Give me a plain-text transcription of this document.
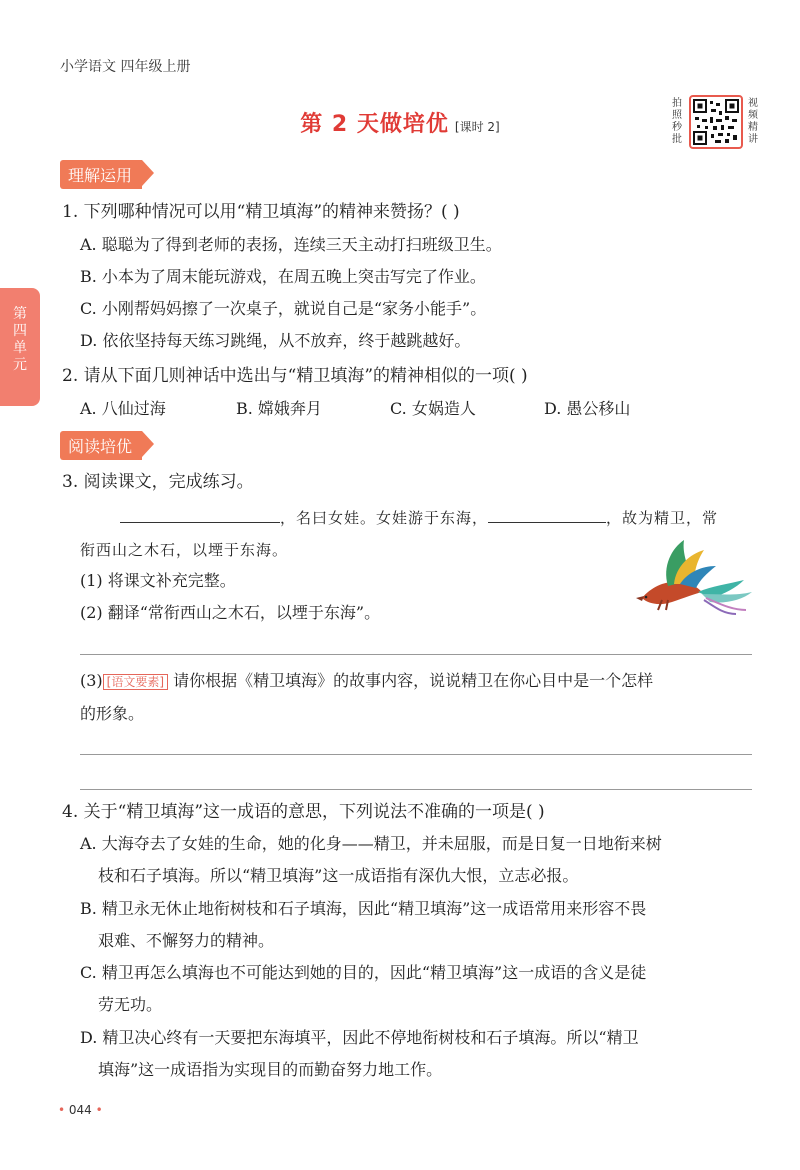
小学语文 四年级上册
第 2 天做培优 [课时 2]
拍照秒批
视频精讲
第四单元
理解运用
1. 下列哪种情况可以用“精卫填海”的精神来赞扬？( )
A. 聪聪为了得到老师的表扬，连续三天主动打扫班级卫生。
B. 小本为了周末能玩游戏，在周五晚上突击写完了作业。
C. 小刚帮妈妈擦了一次桌子，就说自己是“家务小能手”。
D. 依依坚持每天练习跳绳，从不放弃，终于越跳越好。
2. 请从下面几则神话中选出与“精卫填海”的精神相似的一项( )
A. 八仙过海	B. 嫦娥奔月	C. 女娲造人	D. 愚公移山
阅读培优
3. 阅读课文，完成练习。
，名曰女娃。女娃游于东海，	，故为精卫，常
衔西山之木石，以堙于东海。
(1) 将课文补充完整。
(2) 翻译“常衔西山之木石，以堙于东海”。
(3) [语文要素] 请你根据《精卫填海》的故事内容，说说精卫在你心目中是一个怎样
的形象。
4. 关于“精卫填海”这一成语的意思，下列说法不准确的一项是( )
A. 大海夺去了女娃的生命，她的化身——精卫，并未屈服，而是日复一日地衔来树
枝和石子填海。所以“精卫填海”这一成语指有深仇大恨，立志必报。
B. 精卫永无休止地衔树枝和石子填海，因此“精卫填海”这一成语常用来形容不畏
艰难、不懈努力的精神。
C. 精卫再怎么填海也不可能达到她的目的，因此“精卫填海”这一成语的含义是徒
劳无功。
D. 精卫决心终有一天要把东海填平，因此不停地衔树枝和石子填海。所以“精卫
填海”这一成语指为实现目的而勤奋努力地工作。
• 044 •
